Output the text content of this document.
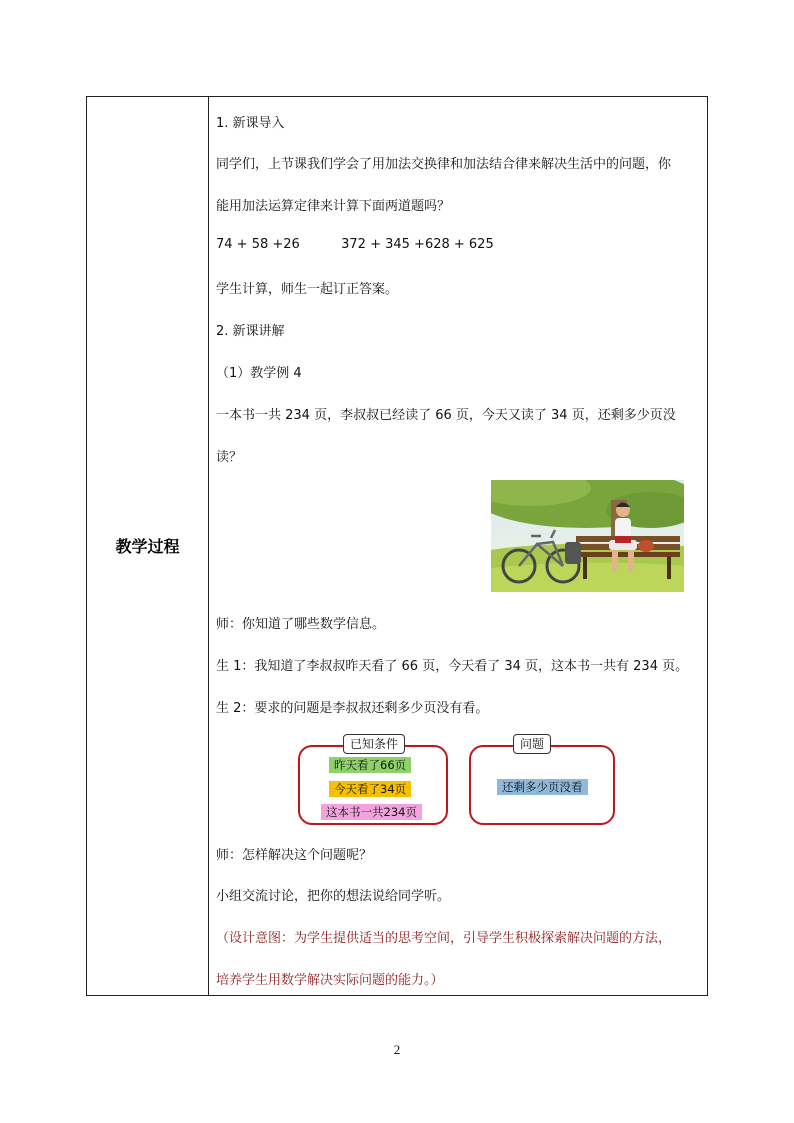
教学过程
1. 新课导入
同学们，上节课我们学会了用加法交换律和加法结合律来解决生活中的问题，你
能用加法运算定律来计算下面两道题吗？
74 + 58 +26          372 + 345 +628 + 625
学生计算，师生一起订正答案。
2. 新课讲解
（1）教学例 4
一本书一共 234 页，李叔叔已经读了 66 页，今天又读了 34 页，还剩多少页没
读？
师：你知道了哪些数学信息。
生 1：我知道了李叔叔昨天看了 66 页，今天看了 34 页，这本书一共有 234 页。
生 2：要求的问题是李叔叔还剩多少页没有看。
已知条件
昨天看了66页
今天看了34页
这本书一共234页
问题
还剩多少页没看
师：怎样解决这个问题呢？
小组交流讨论，把你的想法说给同学听。
（设计意图：为学生提供适当的思考空间，引导学生积极探索解决问题的方法，
培养学生用数学解决实际问题的能力。）
2
